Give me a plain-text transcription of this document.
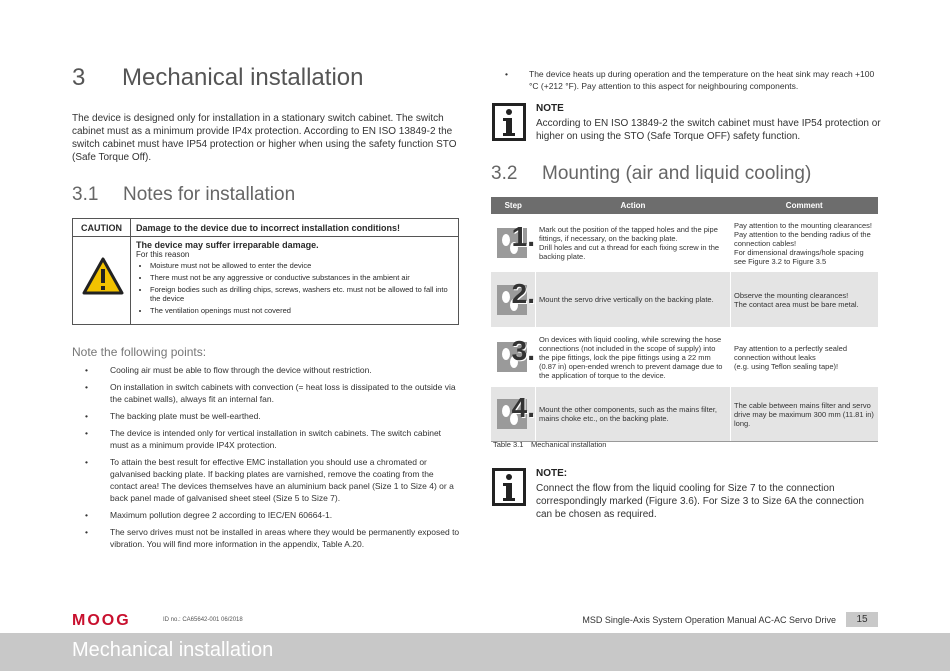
3 Mechanical installation

The device is designed only for installation in a stationary switch cabinet. The switch cabinet must as a minimum provide IP4x protection. According to EN ISO 13849-2 the switch cabinet must have IP54 protection or higher when using the safety function STO (Safe Torque Off).

3.1 Notes for installation
CAUTION	Damage to the device due to incorrect installation conditions!
The device may suffer irreparable damage.
For this reason
• Moisture must not be allowed to enter the device
• There must not be any aggressive or conductive substances in the ambient air
• Foreign bodies such as drilling chips, screws, washers etc. must not be allowed to fall into the device
• The ventilation openings must not covered

Note the following points:

• Cooling air must be able to flow through the device without restriction.
• On installation in switch cabinets with convection (= heat loss is dissipated to the outside via the cabinet walls), always fit an internal fan.
• The backing plate must be well-earthed.
• The device is intended only for vertical installation in switch cabinets. The switch cabinet must as a minimum provide IP4X protection.
• To attain the best result for effective EMC installation you should use a chromated or galvanised backing plate. If backing plates are varnished, remove the coating from the contact area! The devices themselves have an aluminium back panel (Size 1 to Size 4) or a back panel made of galvanised sheet steel (Size 5 to Size 7).
• Maximum pollution degree 2 according to IEC/EN 60664-1.
• The servo drives must not be installed in areas where they would be permanently exposed to vibration. You will find more information in the appendix, Table A.20.
• The device heats up during operation and the temperature on the heat sink may reach +100 °C (+212 °F). Pay attention to this aspect for neighbouring components.
NOTE
According to EN ISO 13849-2 the switch cabinet must have IP54 protection or higher on using the STO (Safe Torque OFF) safety function.
3.2 Mounting (air and liquid cooling)
Step	Action	Comment

1.	Mark out the position of the tapped holes and the pipe fittings, if necessary, on the backing plate.
Drill holes and cut a thread for each fixing screw in the backing plate.	Pay attention to the mounting clearances!
Pay attention to the bending radius of the connection cables!
For dimensional drawings/hole spacing see Figure 3.2 to Figure 3.5

2.	Mount the servo drive vertically on the backing plate.	Observe the mounting clearances!
The contact area must be bare metal.

3.	On devices with liquid cooling, while screwing the hose connections (not included in the scope of supply) into the pipe fittings, lock the pipe fittings using a 22 mm (0.87 in) open-ended wrench to prevent damage due to the application of torque to the device.	Pay attention to a perfectly sealed connection without leaks
(e.g. using Teflon sealing tape)!

4.	Mount the other components, such as the mains filter, mains choke etc., on the backing plate.	The cable between mains filter and servo drive may be maximum 300 mm (11.81 in) long.

Table 3.1 Mechanical installation

NOTE:
Connect the flow from the liquid cooling for Size 7 to the connection correspondingly marked (Figure 3.6). For Size 3 to Size 6A the connection can be chosen as required.
MOOG	ID no.: CA65642-001 06/2018	MSD Single-Axis System Operation Manual AC-AC Servo Drive	15
Mechanical installation
